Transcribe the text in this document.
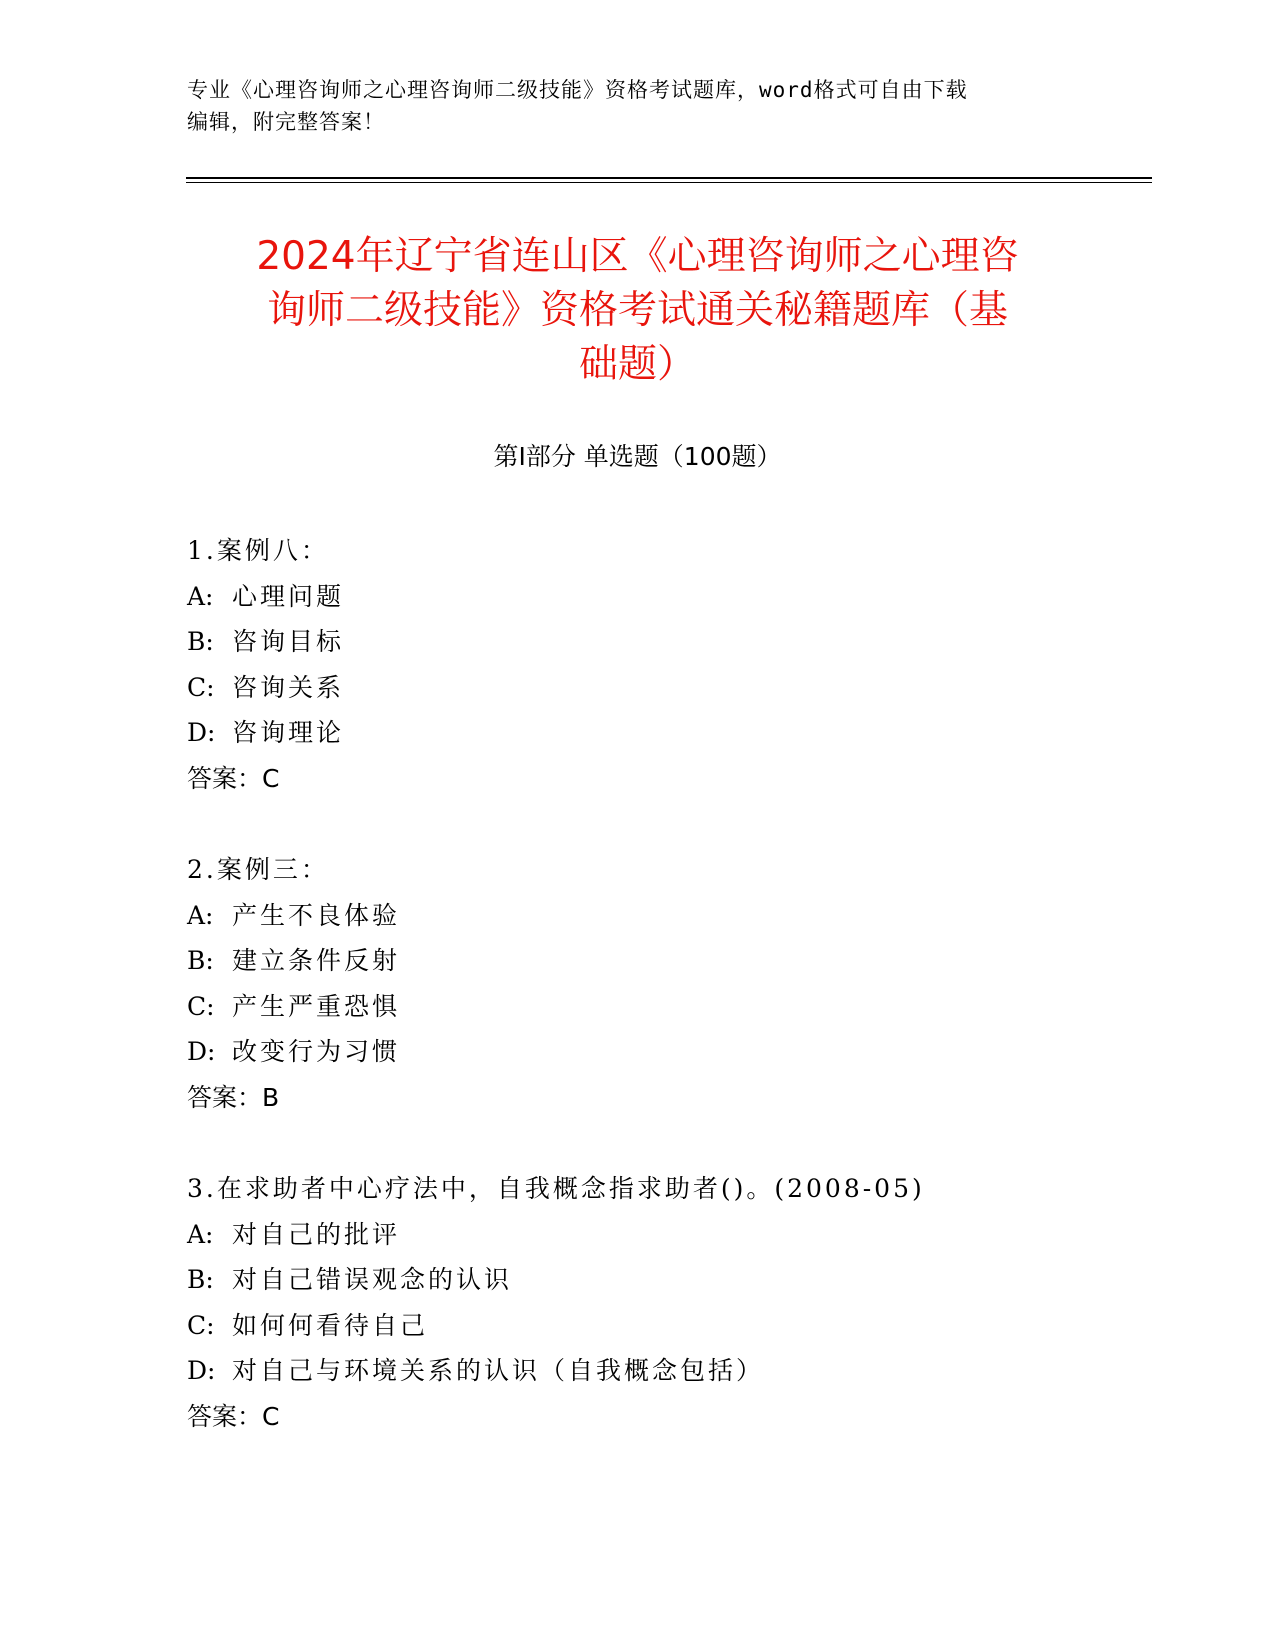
专业《心理咨询师之心理咨询师二级技能》资格考试题库，word格式可自由下载
编辑，附完整答案！
2024年辽宁省连山区《心理咨询师之心理咨
询师二级技能》资格考试通关秘籍题库（基
础题）
第Ⅰ部分 单选题（100题）
1.案例八：
A: 心理问题
B: 咨询目标
C: 咨询关系
D: 咨询理论
答案：C
2.案例三：
A: 产生不良体验
B: 建立条件反射
C: 产生严重恐惧
D: 改变行为习惯
答案：B
3.在求助者中心疗法中，自我概念指求助者()。(2008-05)
A: 对自己的批评
B: 对自己错误观念的认识
C: 如何何看待自己
D: 对自己与环境关系的认识（自我概念包括）
答案：C
